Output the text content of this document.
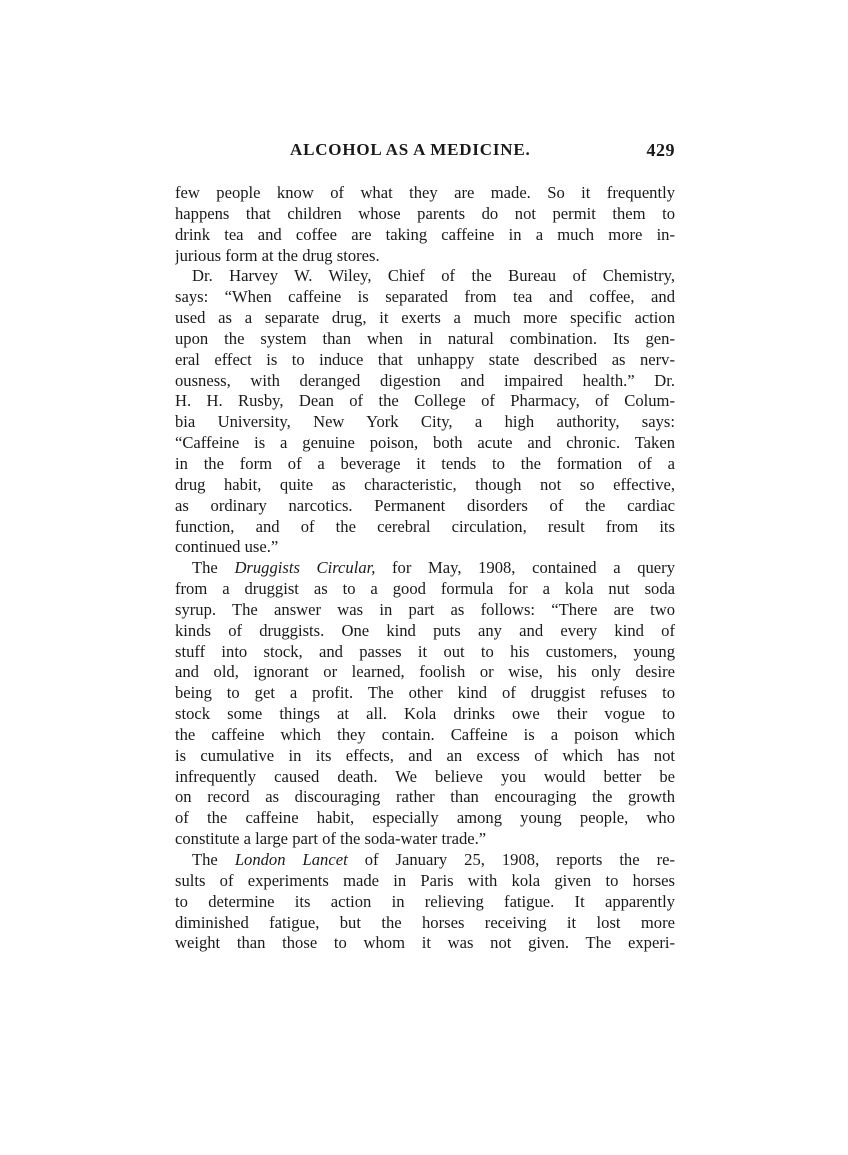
ALCOHOL AS A MEDICINE.	429
few people know of what they are made. So it frequently
happens that children whose parents do not permit them to
drink tea and coffee are taking caffeine in a much more in-
jurious form at the drug stores.
Dr. Harvey W. Wiley, Chief of the Bureau of Chemistry,
says: “When caffeine is separated from tea and coffee, and
used as a separate drug, it exerts a much more specific action
upon the system than when in natural combination. Its gen-
eral effect is to induce that unhappy state described as nerv-
ousness, with deranged digestion and impaired health.” Dr.
H. H. Rusby, Dean of the College of Pharmacy, of Colum-
bia University, New York City, a high authority, says:
“Caffeine is a genuine poison, both acute and chronic. Taken
in the form of a beverage it tends to the formation of a
drug habit, quite as characteristic, though not so effective,
as ordinary narcotics. Permanent disorders of the cardiac
function, and of the cerebral circulation, result from its
continued use.”
The Druggists Circular, for May, 1908, contained a query
from a druggist as to a good formula for a kola nut soda
syrup. The answer was in part as follows: “There are two
kinds of druggists. One kind puts any and every kind of
stuff into stock, and passes it out to his customers, young
and old, ignorant or learned, foolish or wise, his only desire
being to get a profit. The other kind of druggist refuses to
stock some things at all. Kola drinks owe their vogue to
the caffeine which they contain. Caffeine is a poison which
is cumulative in its effects, and an excess of which has not
infrequently caused death. We believe you would better be
on record as discouraging rather than encouraging the growth
of the caffeine habit, especially among young people, who
constitute a large part of the soda-water trade.”
The London Lancet of January 25, 1908, reports the re-
sults of experiments made in Paris with kola given to horses
to determine its action in relieving fatigue. It apparently
diminished fatigue, but the horses receiving it lost more
weight than those to whom it was not given. The experi-
